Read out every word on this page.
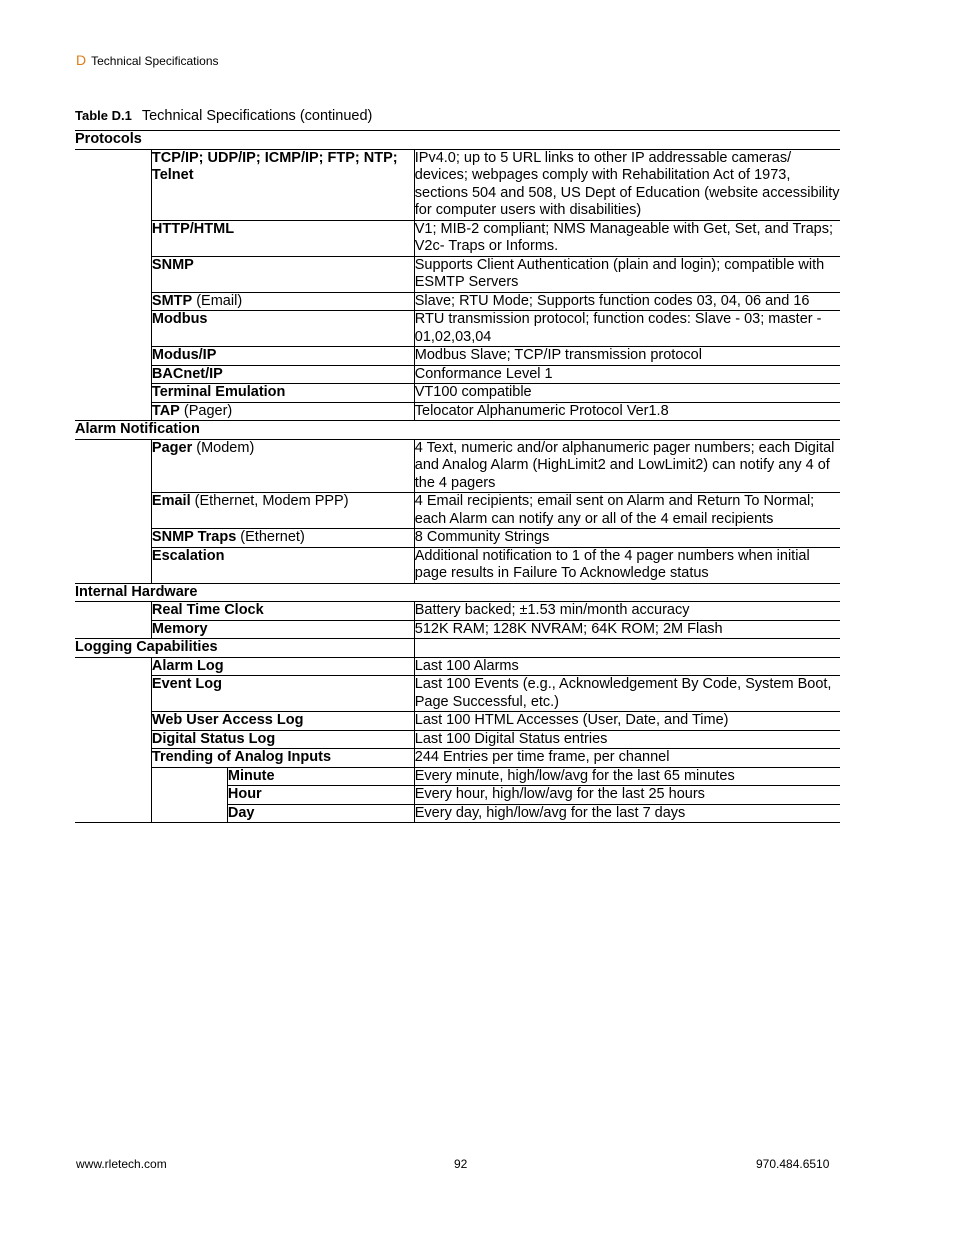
D Technical Specifications
Table D.1 Technical Specifications (continued)
Protocols			
	TCP/IP; UDP/IP; ICMP/IP; FTP; NTP; Telnet		IPv4.0; up to 5 URL links to other IP addressable cameras/ devices; webpages comply with Rehabilitation Act of 1973, sections 504 and 508, US Dept of Education (website accessibility for computer users with disabilities)
	HTTP/HTML		V1; MIB-2 compliant; NMS Manageable with Get, Set, and Traps; V2c- Traps or Informs.
	SNMP		Supports Client Authentication (plain and login); compatible with ESMTP Servers
	SMTP (Email)		Slave; RTU Mode; Supports function codes 03, 04, 06 and 16
	Modbus		RTU transmission protocol; function codes: Slave - 03; master - 01,02,03,04
	Modus/IP		Modbus Slave; TCP/IP transmission protocol
	BACnet/IP		Conformance Level 1
	Terminal Emulation		VT100 compatible
	TAP (Pager)		Telocator Alphanumeric Protocol Ver1.8
Alarm Notification			
	Pager (Modem)		4 Text, numeric and/or alphanumeric pager numbers; each Digital and Analog Alarm (HighLimit2 and LowLimit2) can notify any 4 of the 4 pagers
	Email (Ethernet, Modem PPP)		4 Email recipients; email sent on Alarm and Return To Normal; each Alarm can notify any or all of the 4 email recipients
	SNMP Traps (Ethernet)		8 Community Strings
	Escalation		Additional notification to 1 of the 4 pager numbers when initial page results in Failure To Acknowledge status
Internal Hardware			
	Real Time Clock		Battery backed; ±1.53 min/month accuracy
	Memory		512K RAM; 128K NVRAM; 64K ROM; 2M Flash
Logging Capabilities			
	Alarm Log		Last 100 Alarms
	Event Log		Last 100 Events (e.g., Acknowledgement By Code, System Boot, Page Successful, etc.)
	Web User Access Log		Last 100 HTML Accesses (User, Date, and Time)
	Digital Status Log		Last 100 Digital Status entries
	Trending of Analog Inputs		244 Entries per time frame, per channel
		Minute	Every minute, high/low/avg for the last 65 minutes
		Hour	Every hour, high/low/avg for the last 25 hours
		Day	Every day, high/low/avg for the last 7 days
www.rletech.com	92	970.484.6510
